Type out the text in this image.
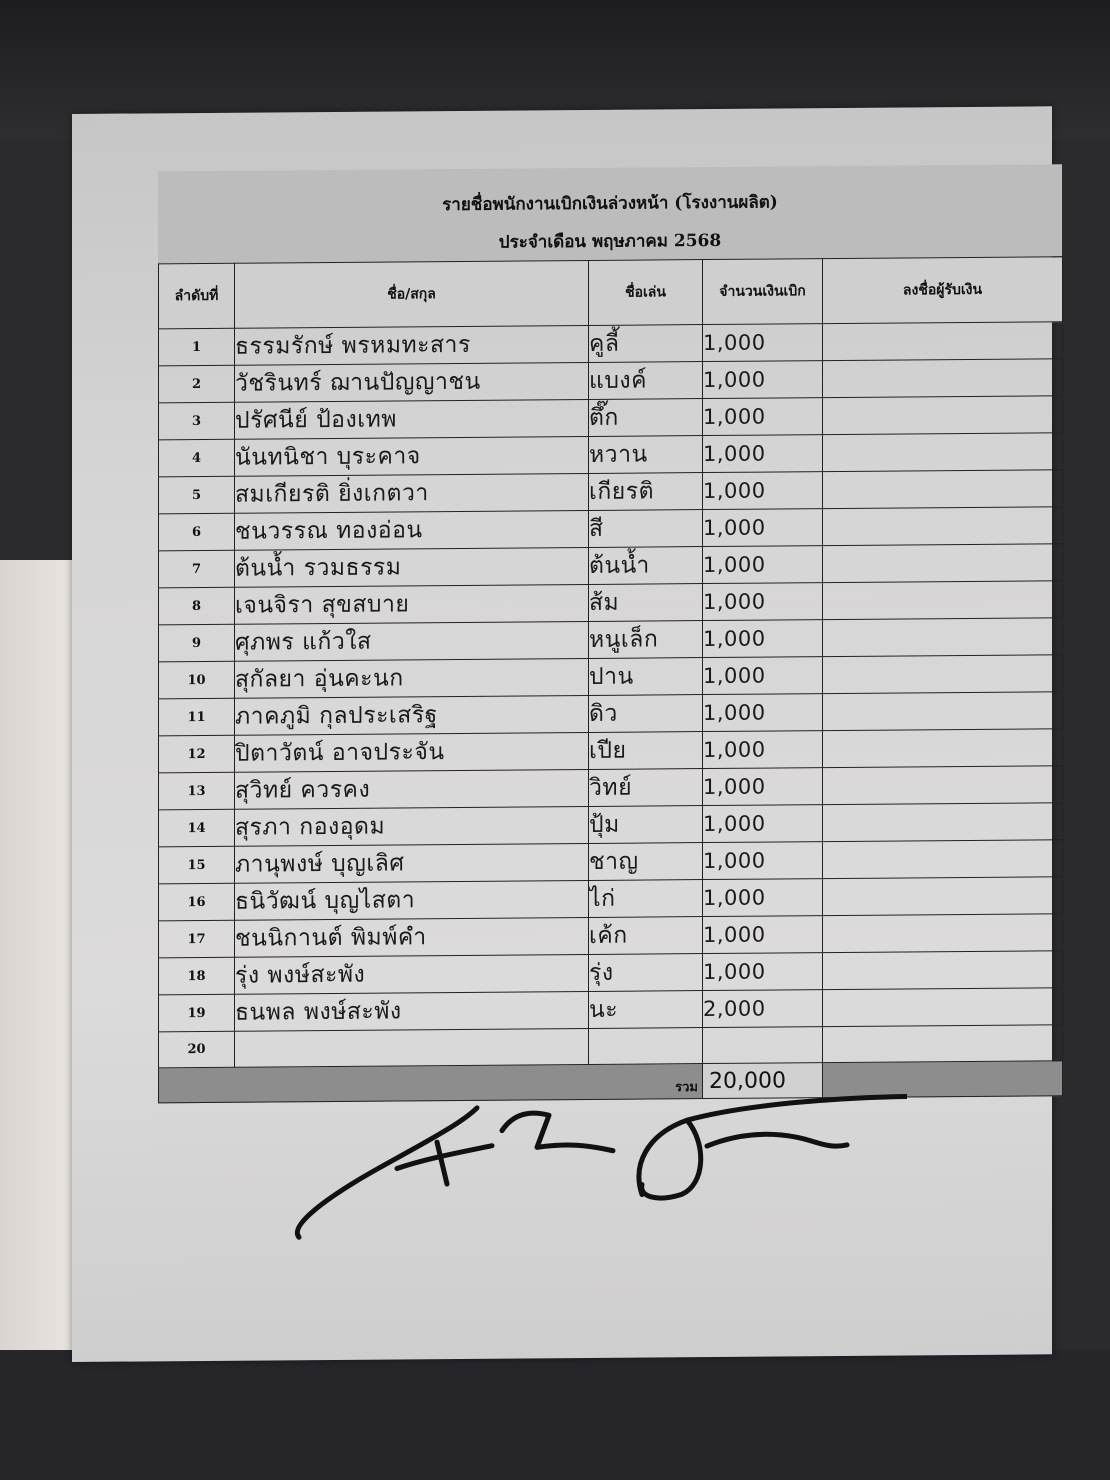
รายชื่อพนักงานเบิกเงินล่วงหน้า (โรงงานผลิต)
ประจำเดือน พฤษภาคม 2568
ลำดับที่	ชื่อ/สกุล	ชื่อเล่น	จำนวนเงินเบิก	ลงชื่อผู้รับเงิน
1	ธรรมรักษ์ พรหมทะสาร	คูลี้	1,000	
2	วัชรินทร์ ฌานปัญญาชน	แบงค์	1,000	
3	ปรัศนีย์ ป้องเทพ	ตึ๊ก	1,000	
4	นันทนิชา บุระคาจ	หวาน	1,000	
5	สมเกียรติ ยิ่งเกตวา	เกียรติ	1,000	
6	ชนวรรณ ทองอ่อน	สี	1,000	
7	ต้นน้ำ รวมธรรม	ต้นน้ำ	1,000	
8	เจนจิรา สุขสบาย	ส้ม	1,000	
9	ศุภพร แก้วใส	หนูเล็ก	1,000	
10	สุกัลยา อุ่นคะนก	ปาน	1,000	
11	ภาคภูมิ กุลประเสริฐ	ดิว	1,000	
12	ปิตาวัตน์ อาจประจัน	เปีย	1,000	
13	สุวิทย์ ควรคง	วิทย์	1,000	
14	สุรภา กองอุดม	ปุ้ม	1,000	
15	ภานุพงษ์ บุญเลิศ	ชาญ	1,000	
16	ธนิวัฒน์ บุญไสตา	ไก่	1,000	
17	ชนนิกานต์ พิมพ์คำ	เค้ก	1,000	
18	รุ่ง พงษ์สะพัง	รุ่ง	1,000	
19	ธนพล พงษ์สะพัง	นะ	2,000	
20				

รวม			20,000	
